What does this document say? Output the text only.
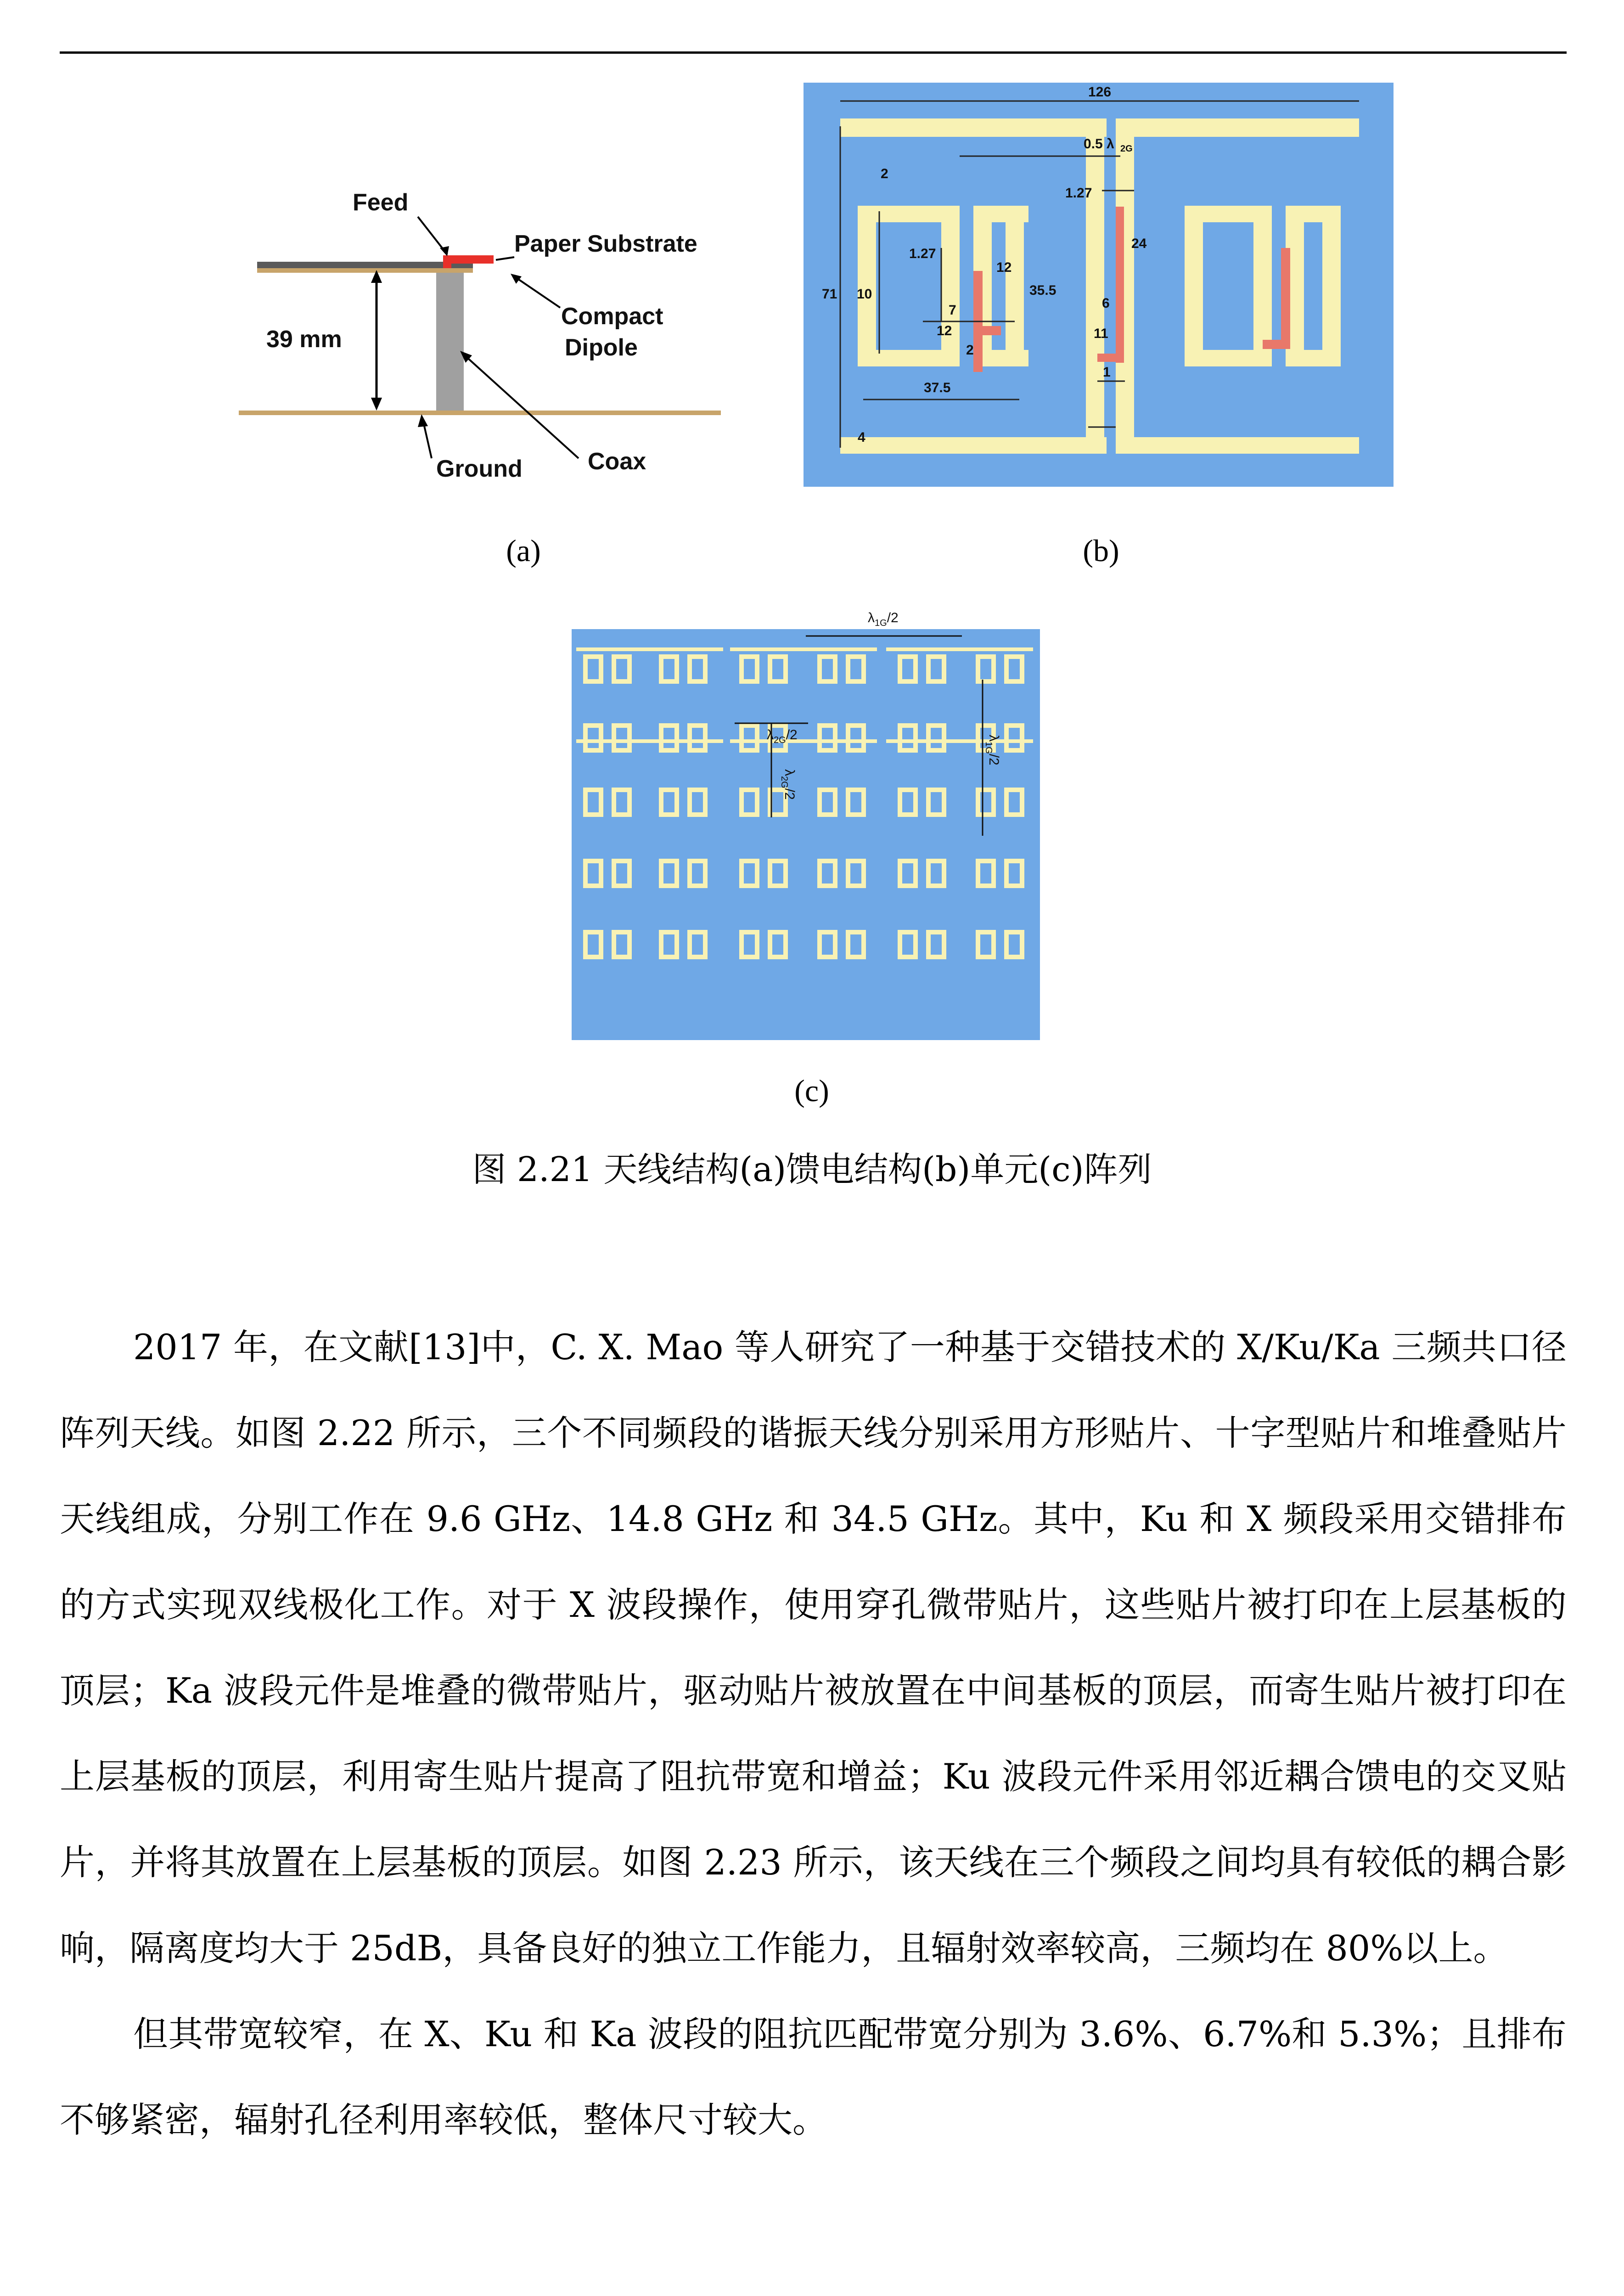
Feed
Paper Substrate
Compact
Dipole
39 mm
Ground	Coax
(a)
126
2
0.5 λ 2G
1.27
24
71 10
1.27
12
35.5
7
12
2
37.5
6
11
1
4
(b)
$\lambda_{1G}/2$
$\lambda_{2G}/2$
$\lambda_{2G}/2$
$\lambda_{1G}/2$
(c)
图 2.21 天线结构(a)馈电结构(b)单元(c)阵列

2017 年，在文献[13]中，C. X. Mao 等人研究了一种基于交错技术的 X/Ku/Ka 三频共口径阵列天线。如图 2.22 所示，三个不同频段的谐振天线分别采用方形贴片、十字型贴片和堆叠贴片天线组成，分别工作在 9.6 GHz、14.8 GHz 和 34.5 GHz。其中，Ku 和 X 频段采用交错排布的方式实现双线极化工作。对于 X 波段操作，使用穿孔微带贴片，这些贴片被打印在上层基板的顶层；Ka 波段元件是堆叠的微带贴片，驱动贴片被放置在中间基板的顶层，而寄生贴片被打印在上层基板的顶层，利用寄生贴片提高了阻抗带宽和增益；Ku 波段元件采用邻近耦合馈电的交叉贴片，并将其放置在上层基板的顶层。如图 2.23 所示，该天线在三个频段之间均具有较低的耦合影响，隔离度均大于 25dB，具备良好的独立工作能力，且辐射效率较高，三频均在 80%以上。

但其带宽较窄，在 X、Ku 和 Ka 波段的阻抗匹配带宽分别为 3.6%、6.7%和 5.3%；且排布不够紧密，辐射孔径利用率较低，整体尺寸较大。
